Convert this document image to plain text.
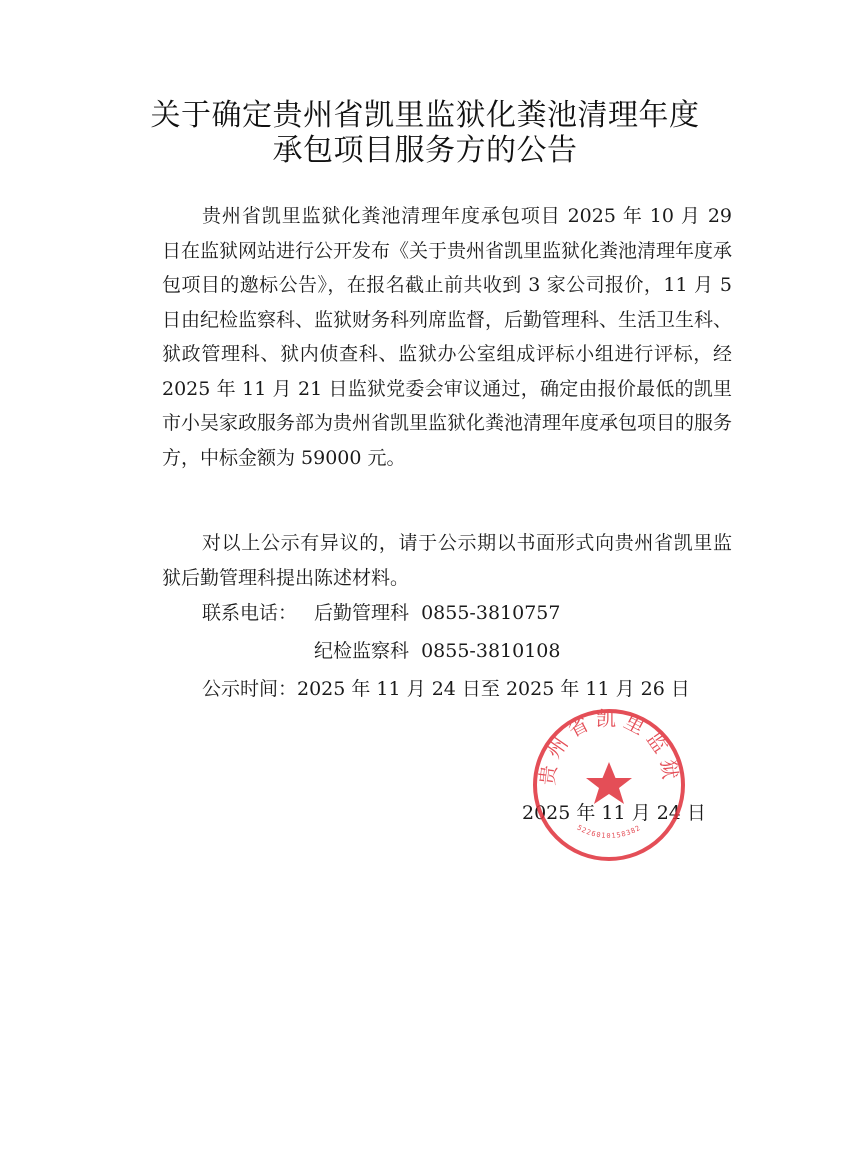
关于确定贵州省凯里监狱化粪池清理年度
承包项目服务方的公告
贵州省凯里监狱化粪池清理年度承包项目 2025 年 10 月 29 日在监狱网站进行公开发布《关于贵州省凯里监狱化粪池清理年度承包项目的邀标公告》，在报名截止前共收到 3 家公司报价，11 月 5 日由纪检监察科、监狱财务科列席监督，后勤管理科、生活卫生科、狱政管理科、狱内侦查科、监狱办公室组成评标小组进行评标，经 2025 年 11 月 21 日监狱党委会审议通过，确定由报价最低的凯里市小吴家政服务部为贵州省凯里监狱化粪池清理年度承包项目的服务方，中标金额为 59000 元。
对以上公示有异议的，请于公示期以书面形式向贵州省凯里监狱后勤管理科提出陈述材料。
联系电话： 后勤管理科  0855-3810757
纪检监察科  0855-3810108
公示时间：2025 年 11 月 24 日至 2025 年 11 月 26 日
2025 年 11 月 24 日
贵州省凯里监狱
5226010158382
